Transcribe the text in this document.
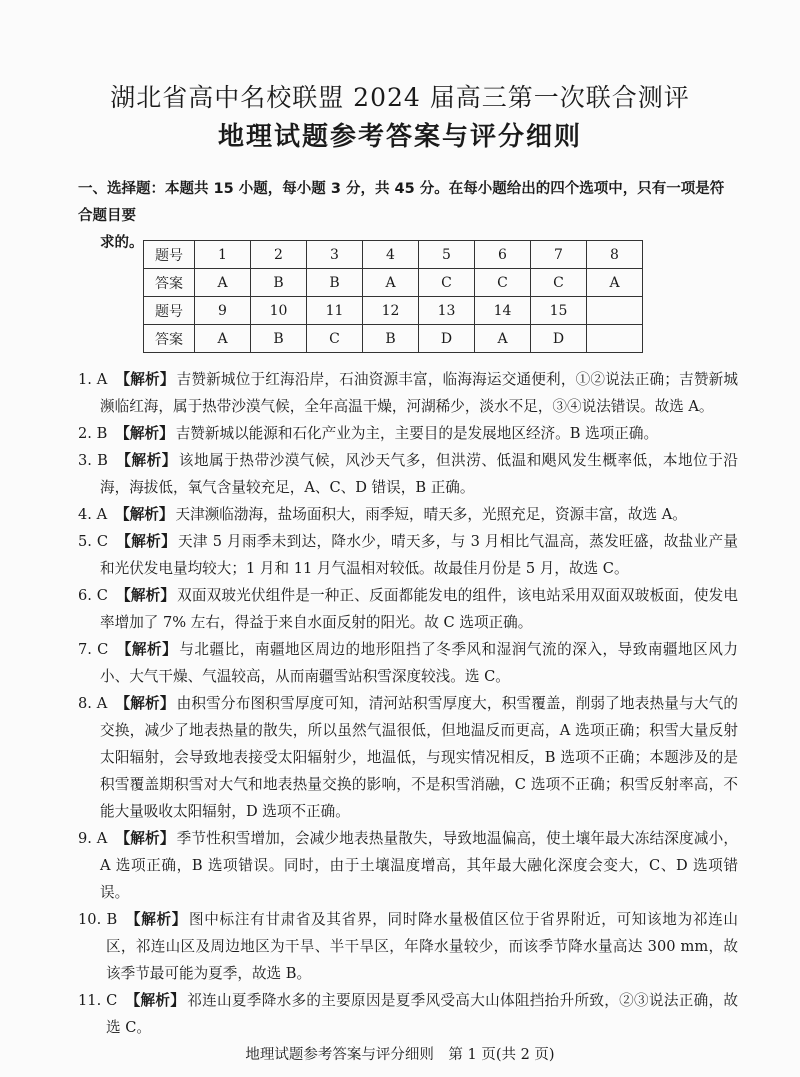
湖北省高中名校联盟 2024 届高三第一次联合测评
地理试题参考答案与评分细则
一、选择题：本题共 15 小题，每小题 3 分，共 45 分。在每小题给出的四个选项中，只有一项是符合题目要
求的。
题号	1	2	3	4	5	6	7	8
答案	A	B	B	A	C	C	C	A
题号	9	10	11	12	13	14	15	
答案	A	B	C	B	D	A	D	
1. A 【解析】 吉赞新城位于红海沿岸，石油资源丰富，临海海运交通便利，①②说法正确；吉赞新城濒临红海，属于热带沙漠气候，全年高温干燥，河湖稀少，淡水不足，③④说法错误。故选 A。
2. B 【解析】 吉赞新城以能源和石化产业为主，主要目的是发展地区经济。B 选项正确。
3. B 【解析】 该地属于热带沙漠气候，风沙天气多，但洪涝、低温和飓风发生概率低，本地位于沿海，海拔低，氧气含量较充足，A、C、D 错误，B 正确。
4. A 【解析】 天津濒临渤海，盐场面积大，雨季短，晴天多，光照充足，资源丰富，故选 A。
5. C 【解析】 天津 5 月雨季未到达，降水少，晴天多，与 3 月相比气温高，蒸发旺盛，故盐业产量和光伏发电量均较大；1 月和 11 月气温相对较低。故最佳月份是 5 月，故选 C。
6. C 【解析】 双面双玻光伏组件是一种正、反面都能发电的组件，该电站采用双面双玻板面，使发电率增加了 7% 左右，得益于来自水面反射的阳光。故 C 选项正确。
7. C 【解析】 与北疆比，南疆地区周边的地形阻挡了冬季风和湿润气流的深入，导致南疆地区风力小、大气干燥、气温较高，从而南疆雪站积雪深度较浅。选 C。
8. A 【解析】 由积雪分布图积雪厚度可知，清河站积雪厚度大，积雪覆盖，削弱了地表热量与大气的交换，减少了地表热量的散失，所以虽然气温很低，但地温反而更高，A 选项正确；积雪大量反射太阳辐射，会导致地表接受太阳辐射少，地温低，与现实情况相反，B 选项不正确；本题涉及的是积雪覆盖期积雪对大气和地表热量交换的影响，不是积雪消融，C 选项不正确；积雪反射率高，不能大量吸收太阳辐射，D 选项不正确。
9. A 【解析】 季节性积雪增加，会减少地表热量散失，导致地温偏高，使土壤年最大冻结深度减小，A 选项正确，B 选项错误。同时，由于土壤温度增高，其年最大融化深度会变大，C、D 选项错误。
10. B 【解析】 图中标注有甘肃省及其省界，同时降水量极值区位于省界附近，可知该地为祁连山区，祁连山区及周边地区为干旱、半干旱区，年降水量较少，而该季节降水量高达 300 mm，故该季节最可能为夏季，故选 B。
11. C 【解析】 祁连山夏季降水多的主要原因是夏季风受高大山体阻挡抬升所致，②③说法正确，故选 C。
地理试题参考答案与评分细则　第 1 页(共 2 页)
